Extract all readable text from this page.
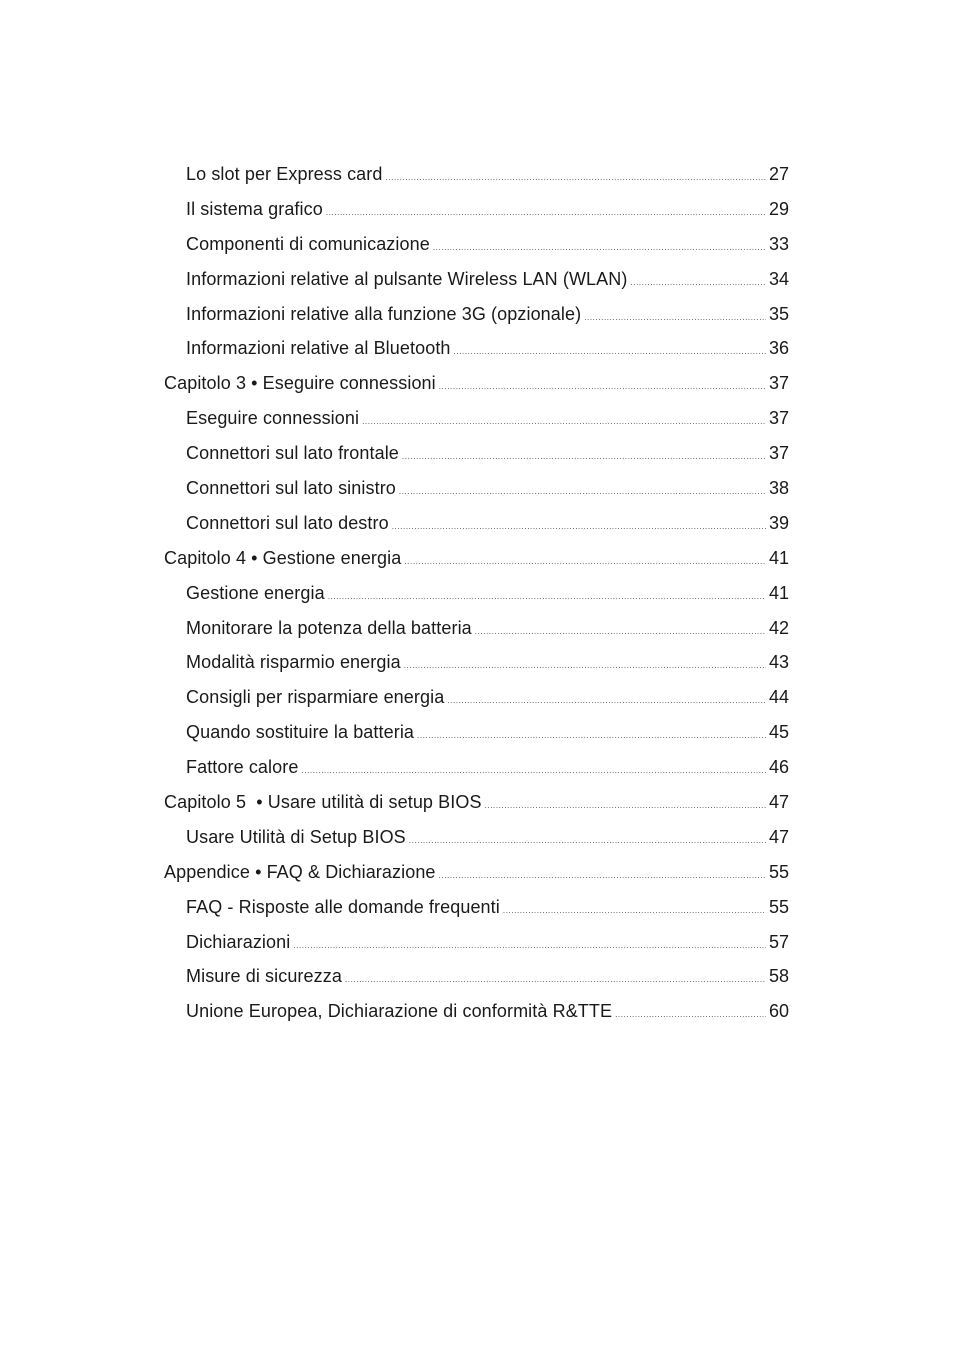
Lo slot per Express card .....	27
Il sistema grafico .....	29
Componenti di comunicazione .....	33
Informazioni relative al pulsante Wireless LAN (WLAN) .....	34
Informazioni relative alla funzione 3G (opzionale) .....	35
Informazioni relative al Bluetooth .....	36
Capitolo 3 • Eseguire connessioni .....	37
Eseguire connessioni .....	37
Connettori sul lato frontale .....	37
Connettori sul lato sinistro .....	38
Connettori sul lato destro .....	39
Capitolo 4 • Gestione energia .....	41
Gestione energia .....	41
Monitorare la potenza della batteria .....	42
Modalità risparmio energia .....	43
Consigli per risparmiare energia .....	44
Quando sostituire la batteria .....	45
Fattore calore .....	46
Capitolo 5  • Usare utilità di setup BIOS .....	47
Usare Utilità di Setup BIOS .....	47
Appendice • FAQ & Dichiarazione .....	55
FAQ - Risposte alle domande frequenti .....	55
Dichiarazioni .....	57
Misure di sicurezza .....	58
Unione Europea, Dichiarazione di conformità R&TTE .....	60
